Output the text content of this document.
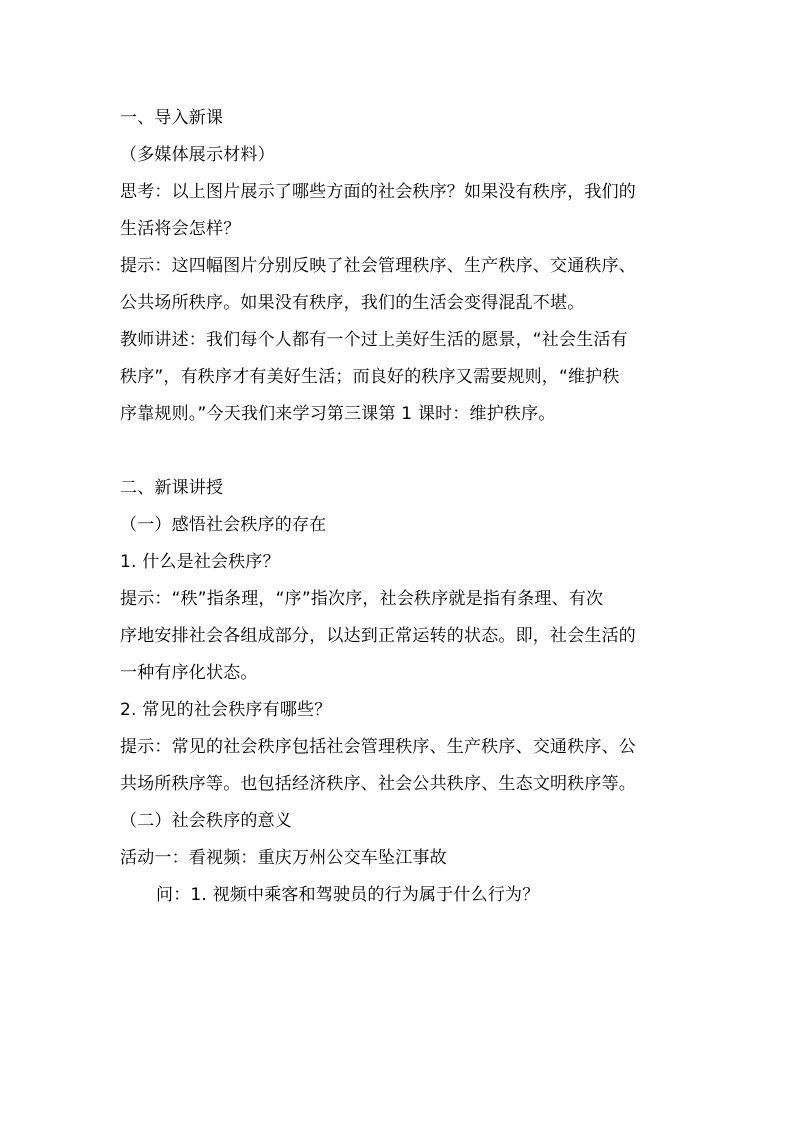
一、导入新课
（多媒体展示材料）
思考：以上图片展示了哪些方面的社会秩序？如果没有秩序，我们的
生活将会怎样？
提示：这四幅图片分别反映了社会管理秩序、生产秩序、交通秩序、
公共场所秩序。如果没有秩序，我们的生活会变得混乱不堪。
教师讲述：我们每个人都有一个过上美好生活的愿景，“社会生活有
秩序”，有秩序才有美好生活；而良好的秩序又需要规则，“维护秩
序靠规则。”今天我们来学习第三课第 1 课时：维护秩序。
二、新课讲授
（一）感悟社会秩序的存在
1. 什么是社会秩序？
提示：“秩”指条理，“序”指次序，社会秩序就是指有条理、有次
序地安排社会各组成部分，以达到正常运转的状态。即，社会生活的
一种有序化状态。
2. 常见的社会秩序有哪些？
提示：常见的社会秩序包括社会管理秩序、生产秩序、交通秩序、公
共场所秩序等。也包括经济秩序、社会公共秩序、生态文明秩序等。
（二）社会秩序的意义
活动一：看视频：重庆万州公交车坠江事故
问：1. 视频中乘客和驾驶员的行为属于什么行为？
